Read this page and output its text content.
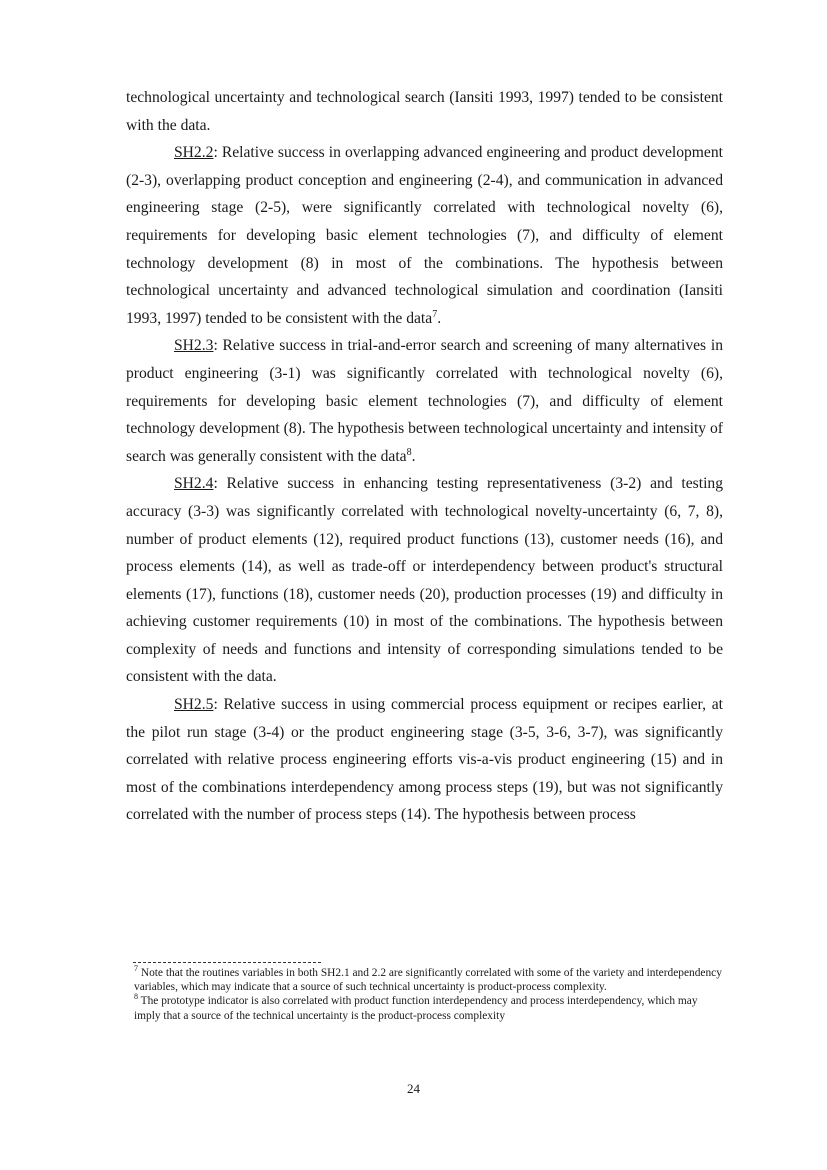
technological uncertainty and technological search (Iansiti 1993, 1997) tended to be consistent with the data.

SH2.2: Relative success in overlapping advanced engineering and product development (2-3), overlapping product conception and engineering (2-4), and communication in advanced engineering stage (2-5), were significantly correlated with technological novelty (6), requirements for developing basic element technologies (7), and difficulty of element technology development (8) in most of the combinations. The hypothesis between technological uncertainty and advanced technological simulation and coordination (Iansiti 1993, 1997) tended to be consistent with the data$^7$.

SH2.3: Relative success in trial-and-error search and screening of many alternatives in product engineering (3-1) was significantly correlated with technological novelty (6), requirements for developing basic element technologies (7), and difficulty of element technology development (8). The hypothesis between technological uncertainty and intensity of search was generally consistent with the data$^8$.

SH2.4: Relative success in enhancing testing representativeness (3-2) and testing accuracy (3-3) was significantly correlated with technological novelty-uncertainty (6, 7, 8), number of product elements (12), required product functions (13), customer needs (16), and process elements (14), as well as trade-off or interdependency between product's structural elements (17), functions (18), customer needs (20), production processes (19) and difficulty in achieving customer requirements (10) in most of the combinations. The hypothesis between complexity of needs and functions and intensity of corresponding simulations tended to be consistent with the data.

SH2.5: Relative success in using commercial process equipment or recipes earlier, at the pilot run stage (3-4) or the product engineering stage (3-5, 3-6, 3-7), was significantly correlated with relative process engineering efforts vis-a-vis product engineering (15) and in most of the combinations interdependency among process steps (19), but was not significantly correlated with the number of process steps (14). The hypothesis between process

$^7$ Note that the routines variables in both SH2.1 and 2.2 are significantly correlated with some of the variety and interdependency variables, which may indicate that a source of such technical uncertainty is product-process complexity.

$^8$ The prototype indicator is also correlated with product function interdependency and process interdependency, which may imply that a source of the technical uncertainty is the product-process complexity

24
